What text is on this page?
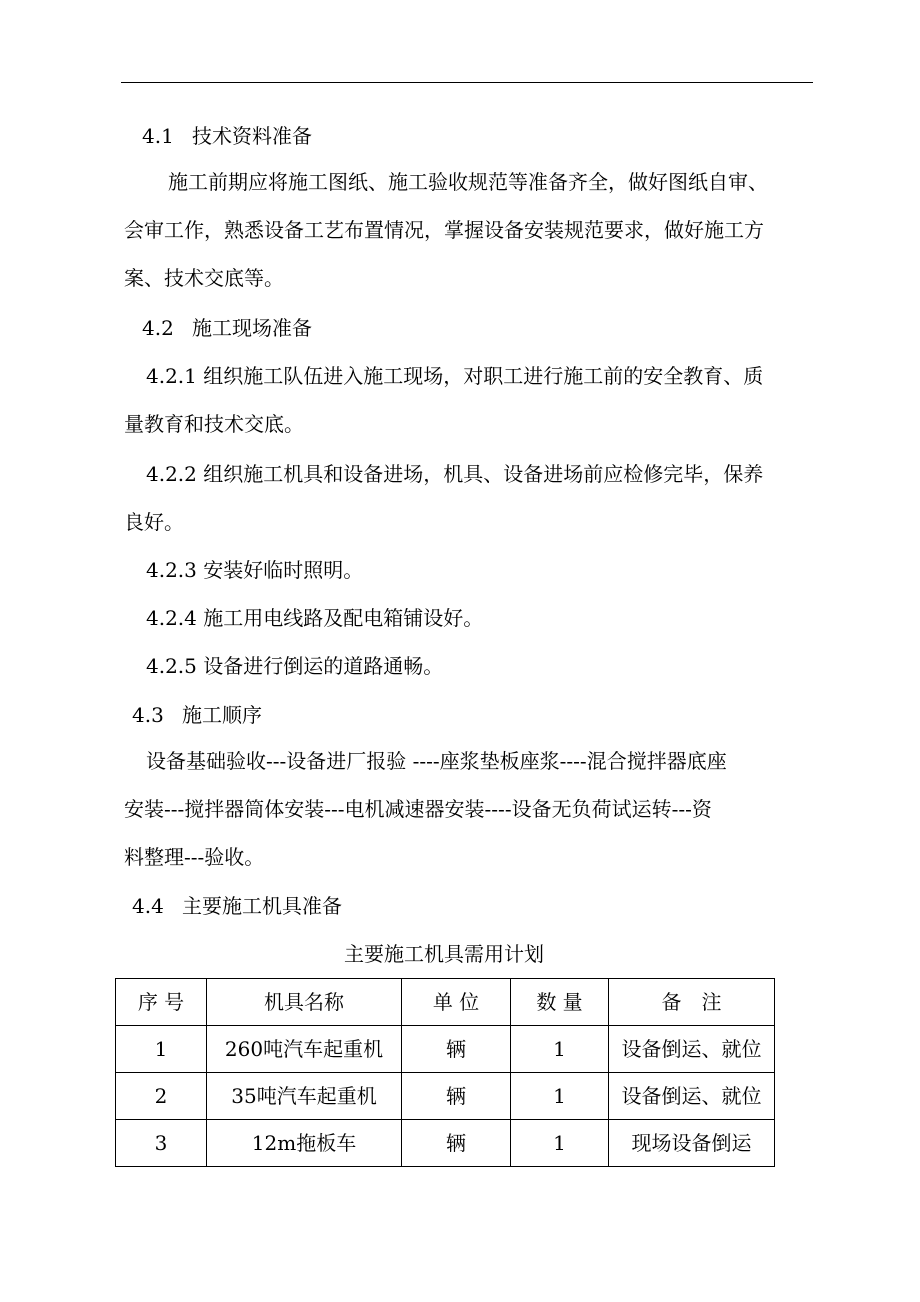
4.1 技术资料准备
施工前期应将施工图纸、施工验收规范等准备齐全，做好图纸自审、
会审工作，熟悉设备工艺布置情况，掌握设备安装规范要求，做好施工方
案、技术交底等。
4.2 施工现场准备
4.2.1 组织施工队伍进入施工现场，对职工进行施工前的安全教育、质
量教育和技术交底。
4.2.2 组织施工机具和设备进场，机具、设备进场前应检修完毕，保养
良好。
4.2.3 安装好临时照明。
4.2.4 施工用电线路及配电箱铺设好。
4.2.5 设备进行倒运的道路通畅。
4.3 施工顺序
设备基础验收---设备进厂报验 ----座浆垫板座浆----混合搅拌器底座
安装---搅拌器筒体安装---电机减速器安装----设备无负荷试运转---资
料整理---验收。
4.4 主要施工机具准备
主要施工机具需用计划
序 号	机具名称	单 位	数 量	备　注
1	260吨汽车起重机	辆	1	设备倒运、就位
2	35吨汽车起重机	辆	1	设备倒运、就位
3	12m拖板车	辆	1	现场设备倒运
